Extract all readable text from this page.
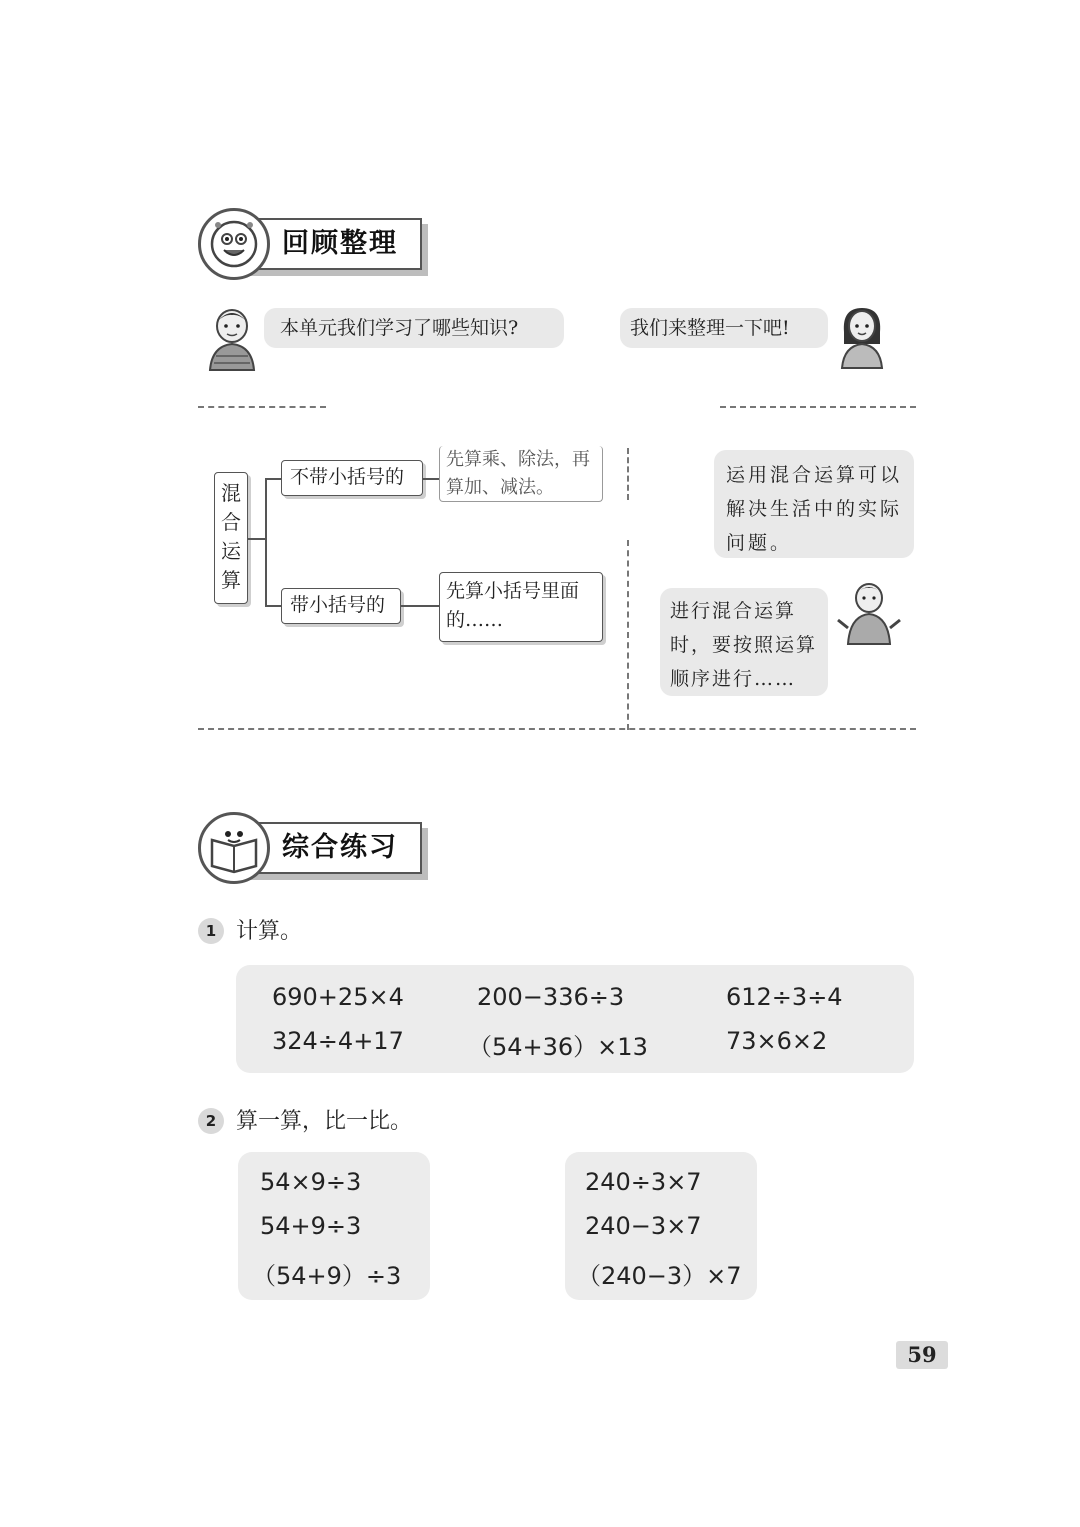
回顾整理
本单元我们学习了哪些知识?	我们来整理一下吧!
混合运算
不带小括号的
先算乘、除法，再算加、减法。
带小括号的
先算小括号里面的……
运用混合运算可以解决生活中的实际问题。
进行混合运算时，要按照运算顺序进行……
综合练习
1 计算。
690+25×4	200−336÷3	612÷3÷4
324÷4+17	（54+36）×13	73×6×2
2 算一算，比一比。
54×9÷3
54+9÷3
（54+9）÷3
240÷3×7
240−3×7
（240−3）×7
59
